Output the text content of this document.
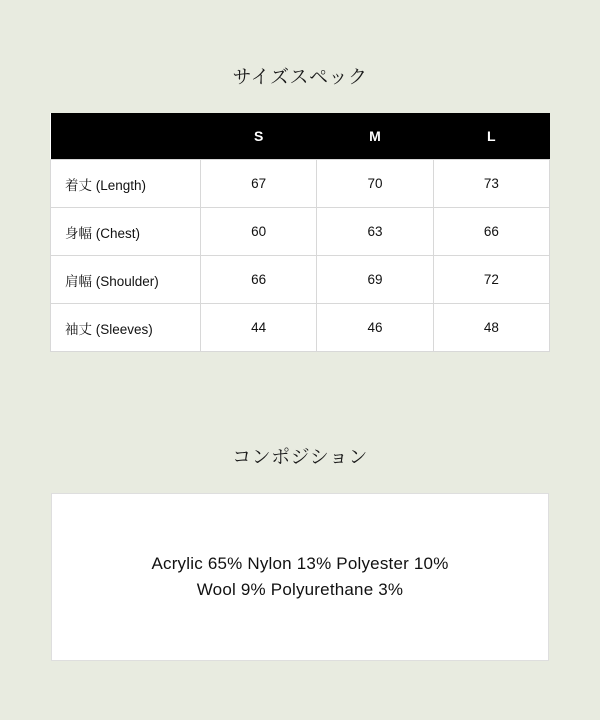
サイズスペック
	S	M	L
着丈 (Length)	67	70	73
身幅 (Chest)	60	63	66
肩幅 (Shoulder)	66	69	72
袖丈 (Sleeves)	44	46	48
コンポジション
Acrylic 65% Nylon 13% Polyester 10%
Wool 9% Polyurethane 3%
